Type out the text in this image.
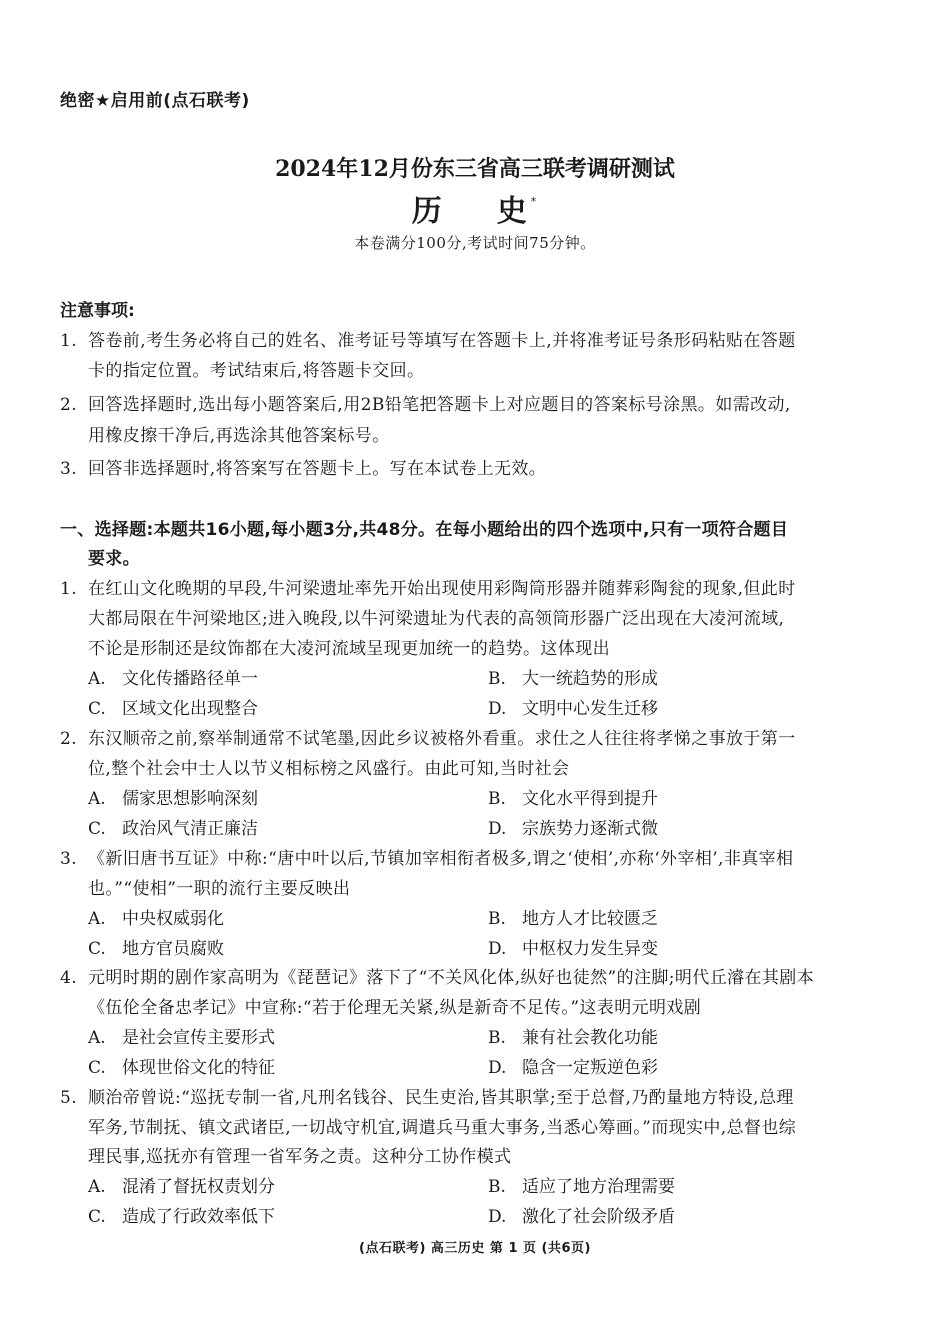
绝密★启用前(点石联考)
2024年12月份东三省高三联考调研测试
历 史 *
本卷满分100分,考试时间75分钟。
注意事项:
1. 答卷前,考生务必将自己的姓名、准考证号等填写在答题卡上,并将准考证号条形码粘贴在答题
卡的指定位置。考试结束后,将答题卡交回。
2. 回答选择题时,选出每小题答案后,用2B铅笔把答题卡上对应题目的答案标号涂黑。如需改动,
用橡皮擦干净后,再选涂其他答案标号。
3. 回答非选择题时,将答案写在答题卡上。写在本试卷上无效。
一、选择题:本题共16小题,每小题3分,共48分。在每小题给出的四个选项中,只有一项符合题目
要求。
1. 在红山文化晚期的早段,牛河梁遗址率先开始出现使用彩陶筒形器并随葬彩陶瓮的现象,但此时
大都局限在牛河梁地区;进入晚段,以牛河梁遗址为代表的高领筒形器广泛出现在大凌河流域,
不论是形制还是纹饰都在大凌河流域呈现更加统一的趋势。这体现出
A. 文化传播路径单一	B. 大一统趋势的形成
C. 区域文化出现整合	D. 文明中心发生迁移
2. 东汉顺帝之前,察举制通常不试笔墨,因此乡议被格外看重。求仕之人往往将孝悌之事放于第一
位,整个社会中士人以节义相标榜之风盛行。由此可知,当时社会
A. 儒家思想影响深刻	B. 文化水平得到提升
C. 政治风气清正廉洁	D. 宗族势力逐渐式微
3. 《新旧唐书互证》中称:“唐中叶以后,节镇加宰相衔者极多,谓之‘使相’,亦称‘外宰相’,非真宰相
也。”“使相”一职的流行主要反映出
A. 中央权威弱化	B. 地方人才比较匮乏
C. 地方官员腐败	D. 中枢权力发生异变
4. 元明时期的剧作家高明为《琵琶记》落下了“不关风化体,纵好也徒然”的注脚;明代丘濬在其剧本
《伍伦全备忠孝记》中宣称:“若于伦理无关紧,纵是新奇不足传。”这表明元明戏剧
A. 是社会宣传主要形式	B. 兼有社会教化功能
C. 体现世俗文化的特征	D. 隐含一定叛逆色彩
5. 顺治帝曾说:“巡抚专制一省,凡刑名钱谷、民生吏治,皆其职掌;至于总督,乃酌量地方特设,总理
军务,节制抚、镇文武诸臣,一切战守机宜,调遣兵马重大事务,当悉心筹画。”而现实中,总督也综
理民事,巡抚亦有管理一省军务之责。这种分工协作模式
A. 混淆了督抚权责划分	B. 适应了地方治理需要
C. 造成了行政效率低下	D. 激化了社会阶级矛盾
(点石联考) 高三历史 第 1 页 (共6页)
